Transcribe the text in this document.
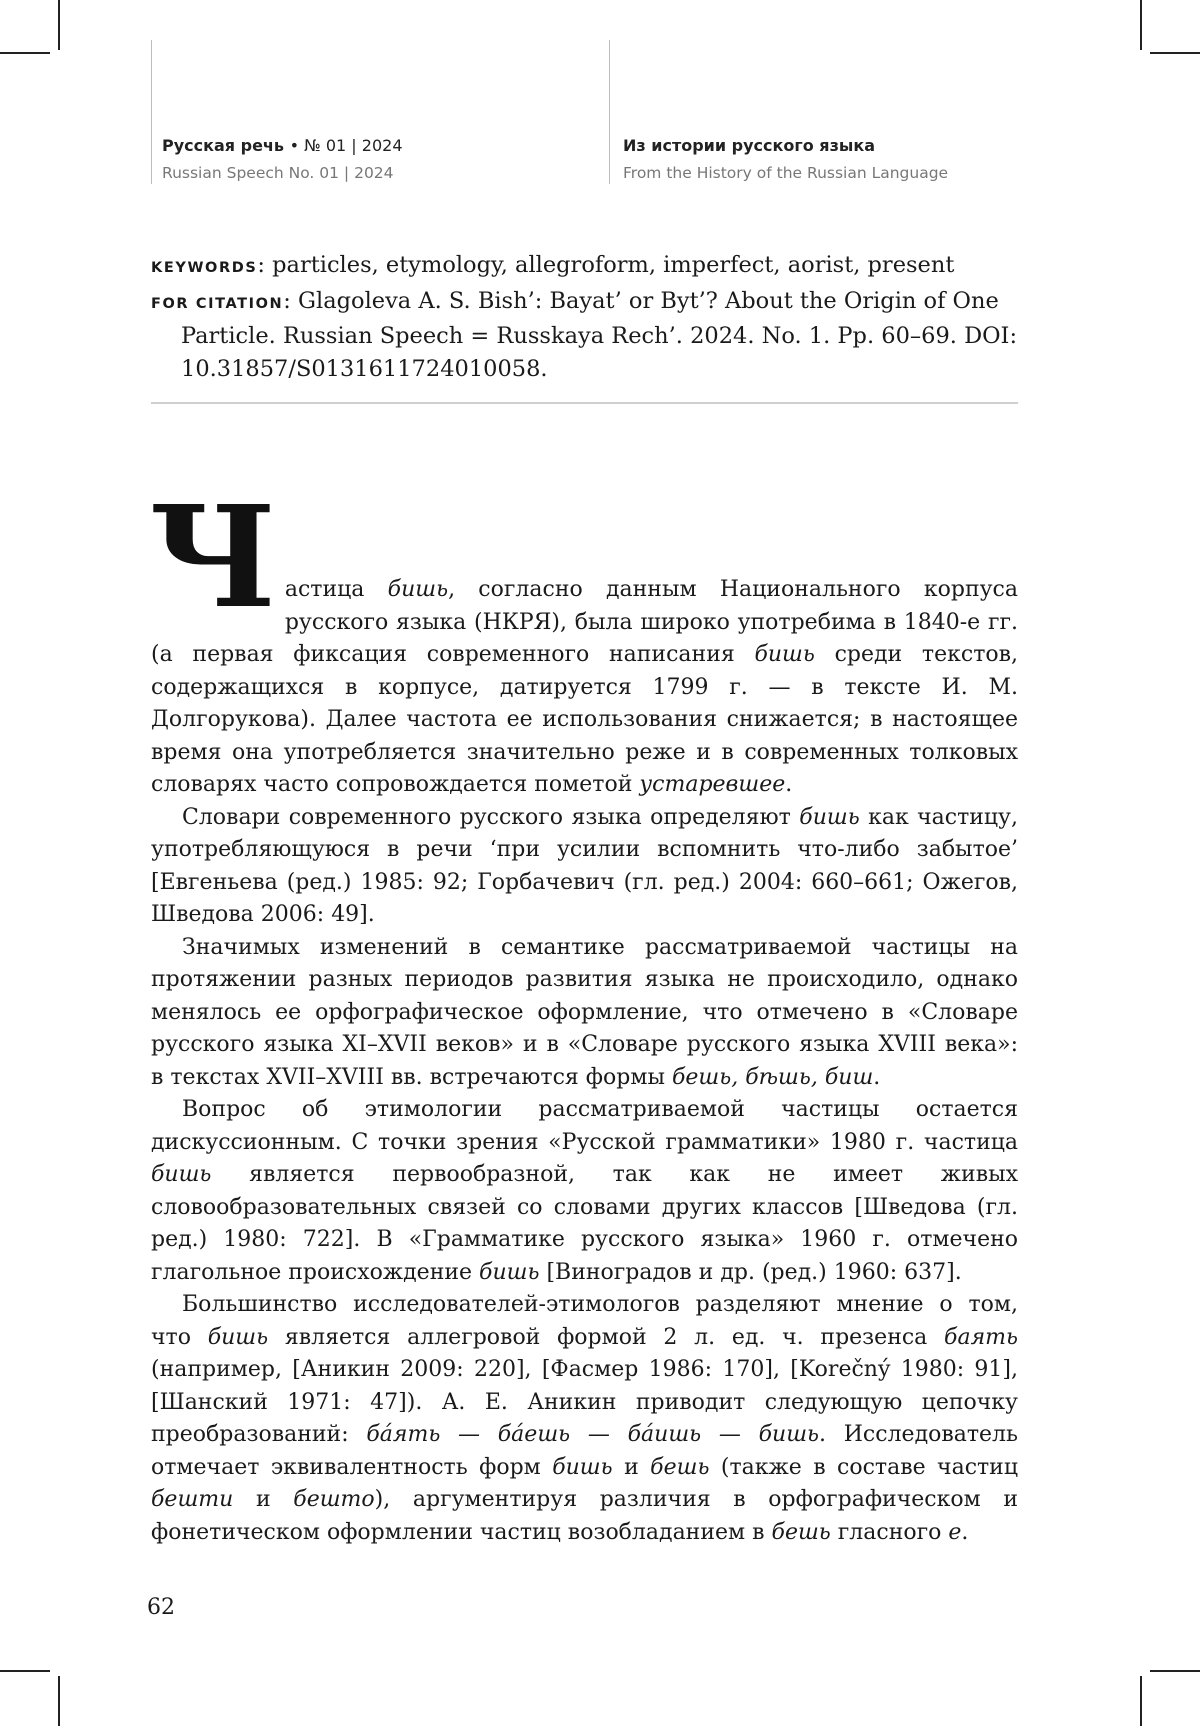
Русская речь • № 01 | 2024
Russian Speech No. 01 | 2024
Из истории русского языка
From the History of the Russian Language

KEYWORDS: particles, etymology, allegroform, imperfect, aorist, present

FOR CITATION: Glagoleva A. S. Bish’: Bayat’ or Byt’? About the Origin of One Particle. Russian Speech = Russkaya Rech’. 2024. No. 1. Pp. 60–69. DOI: 10.31857/S0131611724010058.

Частица бишь, согласно данным Национального корпуса русского языка (НКРЯ), была широко употребима в 1840-е гг. (а первая фиксация современного написания бишь среди текстов, содержащихся в корпусе, датируется 1799 г. — в тексте И. М. Долгорукова). Далее частота ее использования снижается; в настоящее время она употребляется значительно реже и в современных толковых словарях часто сопровождается пометой устаревшее.

Словари современного русского языка определяют бишь как частицу, употребляющуюся в речи ‘при усилии вспомнить что-либо забытое’ [Евгеньева (ред.) 1985: 92; Горбачевич (гл. ред.) 2004: 660–661; Ожегов, Шведова 2006: 49].

Значимых изменений в семантике рассматриваемой частицы на протяжении разных периодов развития языка не происходило, однако менялось ее орфографическое оформление, что отмечено в «Словаре русского языка XI–XVII веков» и в «Словаре русского языка XVIII века»: в текстах XVII–XVIII вв. встречаются формы бешь, бѣшь, биш.

Вопрос об этимологии рассматриваемой частицы остается дискуссионным. С точки зрения «Русской грамматики» 1980 г. частица бишь является первообразной, так как не имеет живых словообразовательных связей со словами других классов [Шведова (гл. ред.) 1980: 722]. В «Грамматике русского языка» 1960 г. отмечено глагольное происхождение бишь [Виноградов и др. (ред.) 1960: 637].

Большинство исследователей-этимологов разделяют мнение о том, что бишь является аллегровой формой 2 л. ед. ч. презенса баять (например, [Аникин 2009: 220], [Фасмер 1986: 170], [Korečný 1980: 91], [Шанский 1971: 47]). А. Е. Аникин приводит следующую цепочку преобразований: ба́ять — ба́ешь — ба́ишь — бишь. Исследователь отмечает эквивалентность форм бишь и бешь (также в составе частиц бешти и бешто), аргументируя различия в орфографическом и фонетическом оформлении частиц возобладанием в бешь гласного е.

62
